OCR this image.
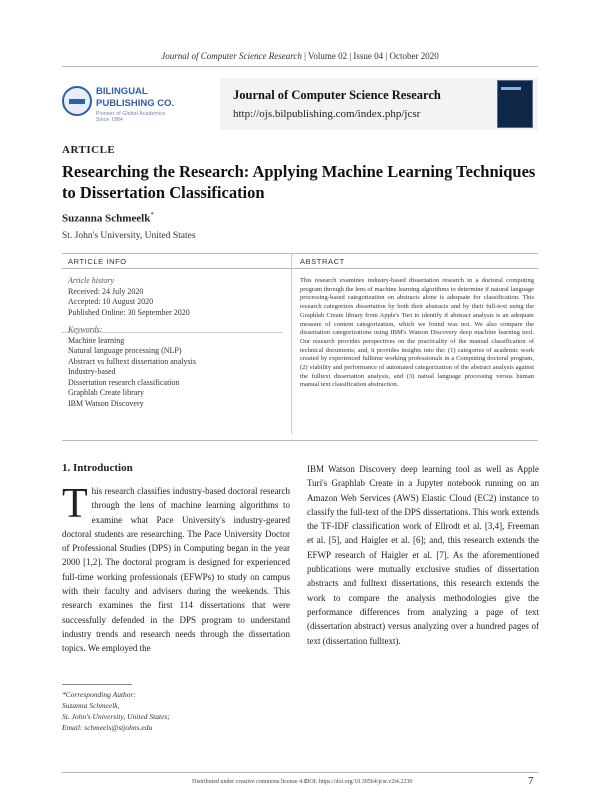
Journal of Computer Science Research | Volume 02 | Issue 04 | October 2020
BILINGUAL
PUBLISHING CO.
Pioneer of Global Academics Since 1984
Journal of Computer Science Research
http://ojs.bilpublishing.com/index.php/jcsr
ARTICLE
Researching the Research: Applying Machine Learning Techniques to Dissertation Classification
Suzanna Schmeelk*
St. John's University, United States
ARTICLE INFO	ABSTRACT
Article history
Received: 24 July 2020
Accepted: 10 August 2020
Published Online: 30 September 2020
Keywords:
Machine learning
Natural language processing (NLP)
Abstract vs fulltext dissertation analysis
Industry-based
Dissertation research classification
Graphlab Create library
IBM Watson Discovery
This research examines industry-based dissertation research in a doctoral computing program through the lens of machine learning algorithms to determine if natural language processing-based categorization on abstracts alone is adequate for classification. This research categorizes dissertation by both their abstracts and by their full-text using the Graphlab Create library from Apple's Turi to identify if abstract analysis is an adequate measure of content categorization, which we found was not. We also compare the dissertation categorizations using IBM's Watson Discovery deep machine learning tool. Our research provides perspectives on the practicality of the manual classification of technical documents; and, it provides insights into the: (1) categories of academic work created by experienced fulltime working professionals in a Computing doctoral program, (2) viability and performance of automated categorization of the abstract analysis against the fulltext dissertation analysis, and (3) natual language processing versus human manual text classification abstraction.
1. Introduction
This research classifies industry-based doctoral research through the lens of machine learning algorithms to examine what Pace University's industry-geared doctoral students are researching. The Pace University Doctor of Professional Studies (DPS) in Computing began in the year 2000 [1,2]. The doctoral program is designed for experienced full-time working professionals (EFWPs) to study on campus with their faculty and advisers during the weekends. This research examines the first 114 dissertations that were successfully defended in the DPS program to understand industry trends and research needs through the dissertation topics. We employed the
IBM Watson Discovery deep learning tool as well as Apple Turi's Graphlab Create in a Jupyter notebook running on an Amazon Web Services (AWS) Elastic Cloud (EC2) instance to classify the full-text of the DPS dissertations. This work extends the TF-IDF classification work of Ellrodt et al. [3,4], Freeman et al. [5], and Haigler et al. [6]; and, this research extends the EFWP research of Haigler et al. [7]. As the aforementioned publications were mutually exclusive studies of dissertation abstracts and fulltext dissertations, this research extends the work to compare the analysis methodologies give the performance differences from analyzing a page of text (dissertation abstract) versus analyzing over a hundred pages of text (dissertation fulltext).
*Corresponding Author:
Suzanna Schmeelk,
St. John's University, United States;
Email: schmeels@stjohns.edu
Distributed under creative commons license 4.0
DOI: https://doi.org/10.30564/jcsr.v2i4.2230	7
